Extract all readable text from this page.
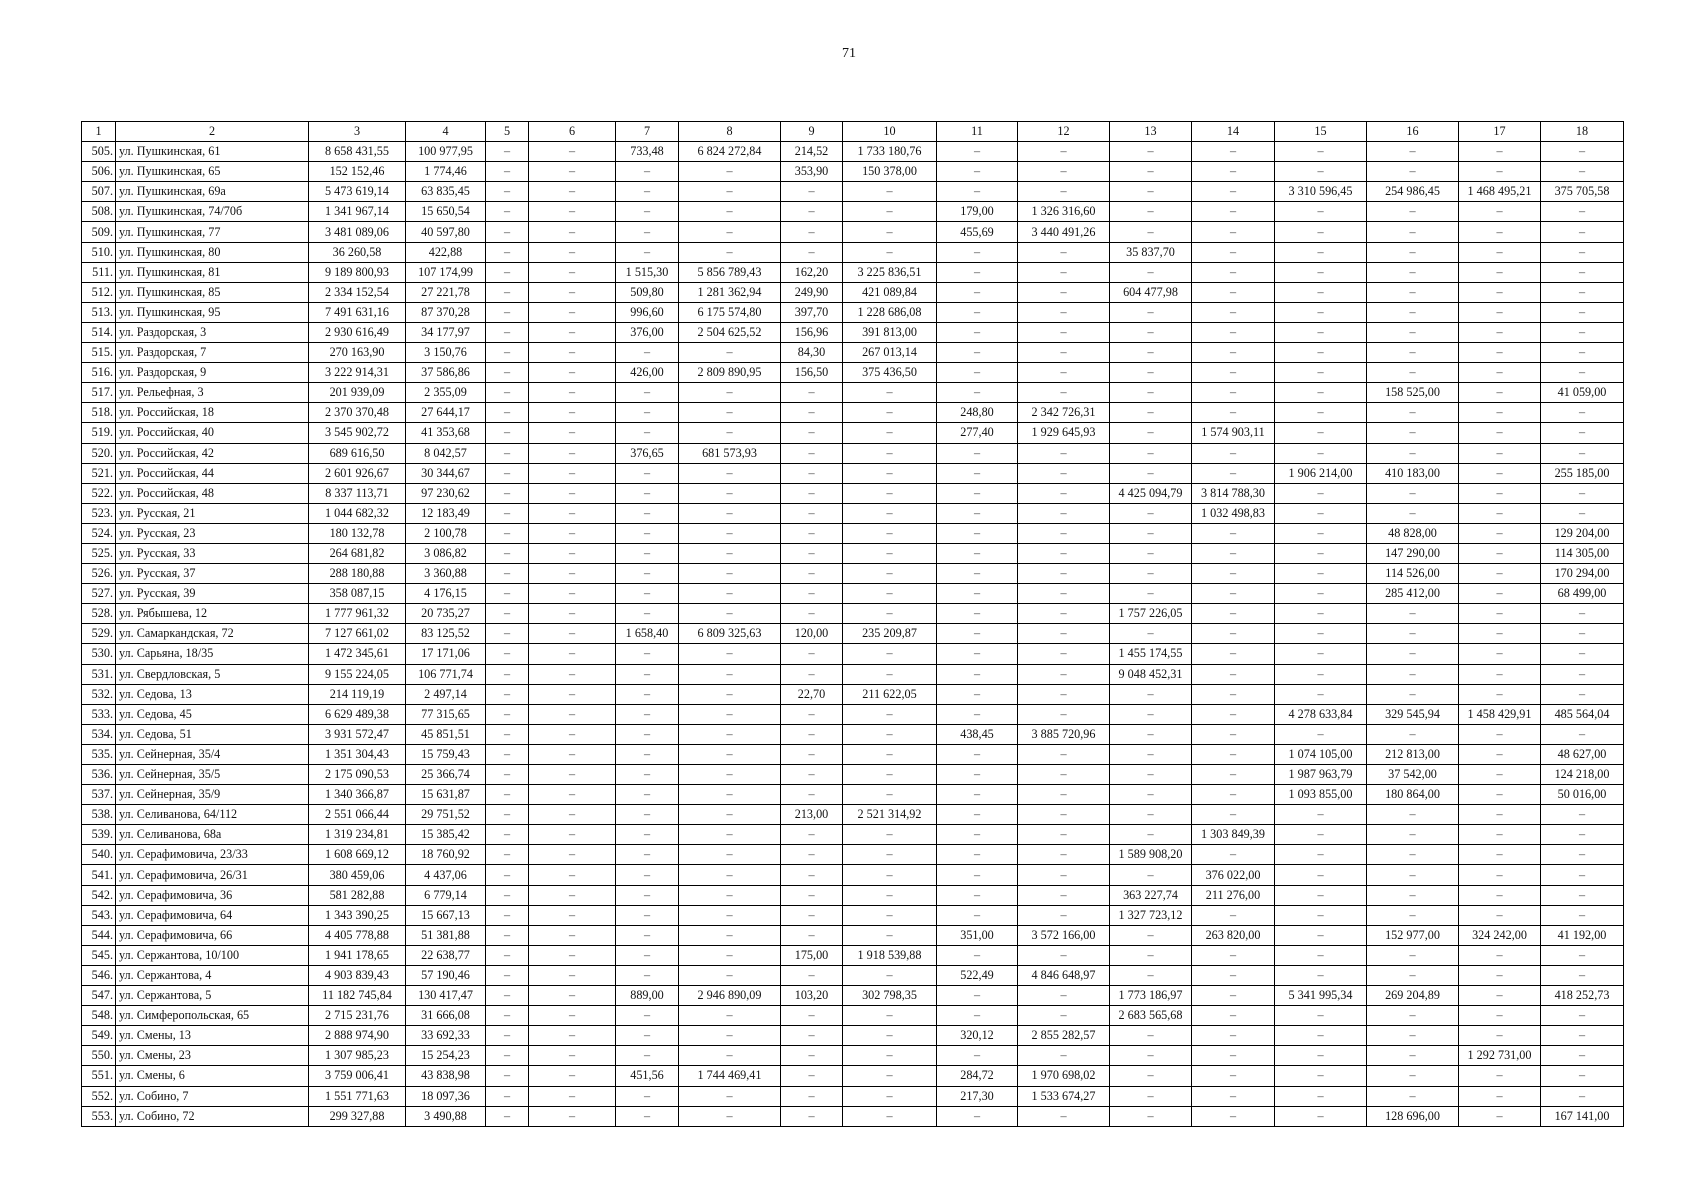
71
1	2	3	4	5	6	7	8	9	10	11	12	13	14	15	16	17	18
505.	ул. Пушкинская, 61	8 658 431,55	100 977,95	–	–	733,48	6 824 272,84	214,52	1 733 180,76	–	–	–	–	–	–	–	–
506.	ул. Пушкинская, 65	152 152,46	1 774,46	–	–	–	–	353,90	150 378,00	–	–	–	–	–	–	–	–
507.	ул. Пушкинская, 69а	5 473 619,14	63 835,45	–	–	–	–	–	–	–	–	–	–	3 310 596,45	254 986,45	1 468 495,21	375 705,58
508.	ул. Пушкинская, 74/70б	1 341 967,14	15 650,54	–	–	–	–	–	–	179,00	1 326 316,60	–	–	–	–	–	–
509.	ул. Пушкинская, 77	3 481 089,06	40 597,80	–	–	–	–	–	–	455,69	3 440 491,26	–	–	–	–	–	–
510.	ул. Пушкинская, 80	36 260,58	422,88	–	–	–	–	–	–	–	–	35 837,70	–	–	–	–	–
511.	ул. Пушкинская, 81	9 189 800,93	107 174,99	–	–	1 515,30	5 856 789,43	162,20	3 225 836,51	–	–	–	–	–	–	–	–
512.	ул. Пушкинская, 85	2 334 152,54	27 221,78	–	–	509,80	1 281 362,94	249,90	421 089,84	–	–	604 477,98	–	–	–	–	–
513.	ул. Пушкинская, 95	7 491 631,16	87 370,28	–	–	996,60	6 175 574,80	397,70	1 228 686,08	–	–	–	–	–	–	–	–
514.	ул. Раздорская, 3	2 930 616,49	34 177,97	–	–	376,00	2 504 625,52	156,96	391 813,00	–	–	–	–	–	–	–	–
515.	ул. Раздорская, 7	270 163,90	3 150,76	–	–	–	–	84,30	267 013,14	–	–	–	–	–	–	–	–
516.	ул. Раздорская, 9	3 222 914,31	37 586,86	–	–	426,00	2 809 890,95	156,50	375 436,50	–	–	–	–	–	–	–	–
517.	ул. Рельефная, 3	201 939,09	2 355,09	–	–	–	–	–	–	–	–	–	–	–	158 525,00	–	41 059,00
518.	ул. Российская, 18	2 370 370,48	27 644,17	–	–	–	–	–	–	248,80	2 342 726,31	–	–	–	–	–	–
519.	ул. Российская, 40	3 545 902,72	41 353,68	–	–	–	–	–	–	277,40	1 929 645,93	–	1 574 903,11	–	–	–	–
520.	ул. Российская, 42	689 616,50	8 042,57	–	–	376,65	681 573,93	–	–	–	–	–	–	–	–	–	–
521.	ул. Российская, 44	2 601 926,67	30 344,67	–	–	–	–	–	–	–	–	–	–	1 906 214,00	410 183,00	–	255 185,00
522.	ул. Российская, 48	8 337 113,71	97 230,62	–	–	–	–	–	–	–	–	4 425 094,79	3 814 788,30	–	–	–	–
523.	ул. Русская, 21	1 044 682,32	12 183,49	–	–	–	–	–	–	–	–	–	1 032 498,83	–	–	–	–
524.	ул. Русская, 23	180 132,78	2 100,78	–	–	–	–	–	–	–	–	–	–	–	48 828,00	–	129 204,00
525.	ул. Русская, 33	264 681,82	3 086,82	–	–	–	–	–	–	–	–	–	–	–	147 290,00	–	114 305,00
526.	ул. Русская, 37	288 180,88	3 360,88	–	–	–	–	–	–	–	–	–	–	–	114 526,00	–	170 294,00
527.	ул. Русская, 39	358 087,15	4 176,15	–	–	–	–	–	–	–	–	–	–	–	285 412,00	–	68 499,00
528.	ул. Рябышева, 12	1 777 961,32	20 735,27	–	–	–	–	–	–	–	–	1 757 226,05	–	–	–	–	–
529.	ул. Самаркандская, 72	7 127 661,02	83 125,52	–	–	1 658,40	6 809 325,63	120,00	235 209,87	–	–	–	–	–	–	–	–
530.	ул. Сарьяна, 18/35	1 472 345,61	17 171,06	–	–	–	–	–	–	–	–	1 455 174,55	–	–	–	–	–
531.	ул. Свердловская, 5	9 155 224,05	106 771,74	–	–	–	–	–	–	–	–	9 048 452,31	–	–	–	–	–
532.	ул. Седова, 13	214 119,19	2 497,14	–	–	–	–	22,70	211 622,05	–	–	–	–	–	–	–	–
533.	ул. Седова, 45	6 629 489,38	77 315,65	–	–	–	–	–	–	–	–	–	–	4 278 633,84	329 545,94	1 458 429,91	485 564,04
534.	ул. Седова, 51	3 931 572,47	45 851,51	–	–	–	–	–	–	438,45	3 885 720,96	–	–	–	–	–	–
535.	ул. Сейнерная, 35/4	1 351 304,43	15 759,43	–	–	–	–	–	–	–	–	–	–	1 074 105,00	212 813,00	–	48 627,00
536.	ул. Сейнерная, 35/5	2 175 090,53	25 366,74	–	–	–	–	–	–	–	–	–	–	1 987 963,79	37 542,00	–	124 218,00
537.	ул. Сейнерная, 35/9	1 340 366,87	15 631,87	–	–	–	–	–	–	–	–	–	–	1 093 855,00	180 864,00	–	50 016,00
538.	ул. Селиванова, 64/112	2 551 066,44	29 751,52	–	–	–	–	213,00	2 521 314,92	–	–	–	–	–	–	–	–
539.	ул. Селиванова, 68а	1 319 234,81	15 385,42	–	–	–	–	–	–	–	–	–	1 303 849,39	–	–	–	–
540.	ул. Серафимовича, 23/33	1 608 669,12	18 760,92	–	–	–	–	–	–	–	–	1 589 908,20	–	–	–	–	–
541.	ул. Серафимовича, 26/31	380 459,06	4 437,06	–	–	–	–	–	–	–	–	–	376 022,00	–	–	–	–
542.	ул. Серафимовича, 36	581 282,88	6 779,14	–	–	–	–	–	–	–	–	363 227,74	211 276,00	–	–	–	–
543.	ул. Серафимовича, 64	1 343 390,25	15 667,13	–	–	–	–	–	–	–	–	1 327 723,12	–	–	–	–	–
544.	ул. Серафимовича, 66	4 405 778,88	51 381,88	–	–	–	–	–	–	351,00	3 572 166,00	–	263 820,00	–	152 977,00	324 242,00	41 192,00
545.	ул. Сержантова, 10/100	1 941 178,65	22 638,77	–	–	–	–	175,00	1 918 539,88	–	–	–	–	–	–	–	–
546.	ул. Сержантова, 4	4 903 839,43	57 190,46	–	–	–	–	–	–	522,49	4 846 648,97	–	–	–	–	–	–
547.	ул. Сержантова, 5	11 182 745,84	130 417,47	–	–	889,00	2 946 890,09	103,20	302 798,35	–	–	1 773 186,97	–	5 341 995,34	269 204,89	–	418 252,73
548.	ул. Симферопольская, 65	2 715 231,76	31 666,08	–	–	–	–	–	–	–	–	2 683 565,68	–	–	–	–	–
549.	ул. Смены, 13	2 888 974,90	33 692,33	–	–	–	–	–	–	320,12	2 855 282,57	–	–	–	–	–	–
550.	ул. Смены, 23	1 307 985,23	15 254,23	–	–	–	–	–	–	–	–	–	–	–	–	1 292 731,00	–
551.	ул. Смены, 6	3 759 006,41	43 838,98	–	–	451,56	1 744 469,41	–	–	284,72	1 970 698,02	–	–	–	–	–	–
552.	ул. Собино, 7	1 551 771,63	18 097,36	–	–	–	–	–	–	217,30	1 533 674,27	–	–	–	–	–	–
553.	ул. Собино, 72	299 327,88	3 490,88	–	–	–	–	–	–	–	–	–	–	–	128 696,00	–	167 141,00
